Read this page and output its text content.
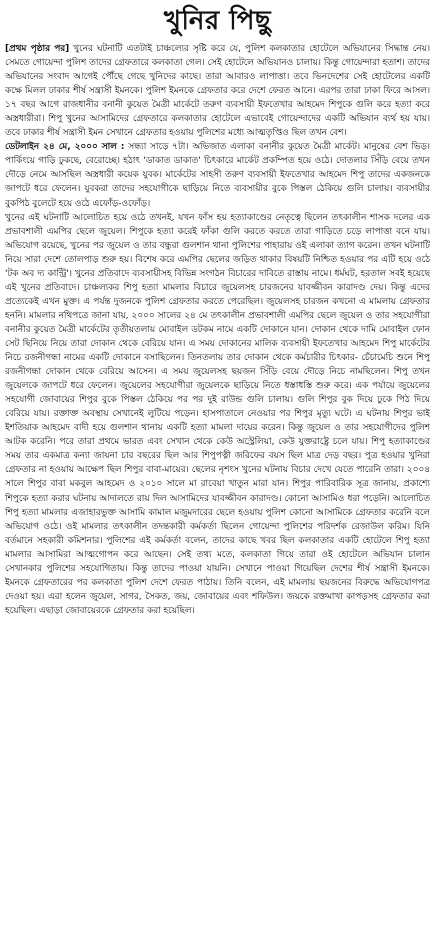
খুনির পিছু

[প্রথম পৃষ্ঠার পর] খুনের ঘটনাটি এতটাই চাঞ্চল্যের সৃষ্টি করে যে, পুলিশ কলকাতার হোটেলে অভিযানের সিদ্ধান্ত নেয়। সেমতে গোয়েন্দা পুলিশ তাদের গ্রেফতারে কলকাতা গেল। সেই হোটেলে অভিযানও চালায়। কিন্তু গোয়েন্দারা হতাশ। তাদের অভিযানের সংবাদ আগেই পৌঁছে গেছে খুনিদের কাছে। তারা আবারও লাপাত্তা। তবে ভিনদেশের সেই হোটেলের একটি কক্ষে মিলল ঢাকার শীর্ষ সন্ত্রাসী ইমনকে। পুলিশ ইমনকে গ্রেফতার করে দেশে ফেরত আনে। এরপর তারা ঢাকা ফিরে আসল। ১৭ বছর আগে রাজধানীর বনানী কুয়েত মৈত্রী মার্কেটে তরুণ ব্যবসায়ী ইফতেখার আহমেদ শিপুকে গুলি করে হত্যা করে অস্ত্রধারীরা। শিপু খুনের আসামিদের গ্রেফতারে কলকাতার হোটেলে এভাবেই গোয়েন্দাদের একটি অভিযান ব্যর্থ হয় যায়। তবে ঢাকার শীর্ষ সন্ত্রাসী ইমন সেখানে গ্রেফতার হওয়ায় পুলিশের মধ্যে আত্মতৃপ্তিও ছিল তখন বেশ।

ডেটলাইন ২৪ মে, ২০০০ সাল : সন্ধ্যা সাড়ে ৭টা। অভিজাত এলাকা বনানীর কুয়েত মৈত্রী মার্কেট। মানুষের বেশ ভিড়। পার্কিংয়ে গাড়ি ঢুকছে, বেরোচ্ছে। হঠাৎ 'ডাকাত ডাকাত' চিৎকারে মার্কেট প্রকম্পিত হয়ে ওঠে। দোতলার সিঁড়ি বেয়ে তখন দৌড়ে নেমে আসছিল অস্ত্রধারী কয়েক যুবক। মার্কেটের সাহসী তরুণ ব্যবসায়ী ইফতেখার আহমেদ শিপু তাদের একজনকে জাপটে ধরে ফেলেন। যুবকরা তাদের সহযোগীকে ছাড়িয়ে নিতে ব্যবসায়ীর বুকে পিস্তল ঠেকিয়ে গুলি চালায়। ব্যবসায়ীর বুকপিঠ বুলেটে হয়ে ওঠে এফোঁড়-ওফোঁড়।

খুনের এই ঘটনাটি আলোচিত হয়ে ওঠে তখনই, যখন ফাঁস হয় হত্যাকাণ্ডের নেতৃত্বে ছিলেন তৎকালীন শাসক দলের এক প্রভাবশালী এমপির ছেলে জুয়েল। শিপুকে হত্যা করেই ফাঁকা গুলি করতে করতে তারা গাড়িতে চড়ে লাপাত্তা বনে যায়। অভিযোগ রয়েছে, খুনের পর জুয়েল ও তার বন্ধুরা গুলশান থানা পুলিশের পাহারায় ওই এলাকা ত্যাগ করেন। তখন ঘটনাটি নিয়ে সারা দেশে তোলপাড় শুরু হয়। বিশেষ করে এমপির ছেলের জড়িত থাকার বিষয়টি নিশ্চিত হওয়ার পর এটি হয়ে ওঠে 'টক অব দ্য কান্ট্রি'। খুনের প্রতিবাদে ব্যবসায়ীসহ বিভিন্ন সংগঠন বিচারের দাবিতে রাস্তায় নামে। ধর্মঘট, হরতাল সবই হয়েছে এই খুনের প্রতিবাদে। চাঞ্চল্যকর শিপু হত্যা মামলার বিচারে জুয়েলসহ চারজনের যাবজ্জীবন কারাদণ্ড দেয়। কিন্তু এদের প্রত্যেকেই এখন মুক্ত। এ পর্যন্ত দুজনকে পুলিশ গ্রেফতার করতে পেরেছিল। জুয়েলসহ চারজন কখনো এ মামলায় গ্রেফতার হননি। মামলার নথিপত্রে জানা যায়, ২০০০ সালের ২৪ মে তৎকালীন প্রভাবশালী এমপির ছেলে জুয়েল ও তার সহযোগীরা বনানীর কুয়েত মৈত্রী মার্কেটের তৃতীয়তলায় মোবাইল ডটকম নামে একটি দোকানে যান। দোকান থেকে দামি মোবাইল ফোন সেট ছিনিয়ে নিয়ে তারা দোকান থেকে বেরিয়ে যান। এ সময় দোকানের মালিক ব্যবসায়ী ইফতেখার আহমেদ শিপু মার্কেটের নিচে রজনীগন্ধা নামের একটি দোকানে বসাছিলেন। তিনতলায় তার দোকান থেকে কর্মচারীর চিৎকার- চেঁচামেচি শুনে শিপু রজনীগন্ধা দোকান থেকে বেরিয়ে আসেন। এ সময় জুয়েলসহ ছয়জন সিঁড়ি বেয়ে দৌড়ে নিচে নামছিলেন। শিপু তখন জুয়েলকে জাপটে ধরে ফেলেন। জুয়েলের সহযোগীরা জুয়েলকে ছাড়িয়ে নিতে ধস্তাধস্তি শুরু করে। এক পর্যায়ে জুয়েলের সহযোগী জোবায়ের শিপুর বুকে পিস্তল ঠেকিয়ে পর পর দুই রাউন্ড গুলি চালায়। গুলি শিপুর বুক দিয়ে ঢুকে পিঠ দিয়ে বেরিয়ে যায়। রক্তাক্ত অবস্থায় সেখানেই লুটিয়ে পড়েন। হাসপাতালে নেওয়ার পর শিপুর মৃত্যু ঘটে। এ ঘটনায় শিপুর ভাই ইশতিয়াক আহমেদ বাদী হয়ে গুলশান থানায় একটি হত্যা মামলা দায়ের করেন। কিন্তু জুয়েল ও তার সহযোগীদের পুলিশ আটক করেনি। পরে তারা প্রথমে ভারত এবং সেখান থেকে কেউ অস্ট্রেলিয়া, কেউ যুক্তরাষ্ট্রে চলে যায়। শিপু হত্যাকাণ্ডের সময় তার একমাত্র কন্যা জায়না চার বছরের ছিল আর শিপুপত্নী জরিফের বয়স ছিল মাত্র দেড় বছর। পুত্র হওয়ার খুনিরা গ্রেফতার না হওয়ায় আক্ষেপ ছিল শিপুর বাবা-মায়ের। ছেলের নৃশংস খুনের ঘটনায় বিচার দেখে যেতে পারেনি তারা। ২০০৪ সালে শিপুর বাবা মকবুল আহমেদ ও ২০১০ সালে মা রাবেয়া খাতুন মারা যান। শিপুর পারিবারিক সূত্র জানায়, প্রকাশ্যে শিপুকে হত্যা করার ঘটনায় আদালতে রায় দিল আসামিদের যাবজ্জীবন কারাদণ্ড। কোনো আসামিও ধরা পড়েনি। আলোচিত শিপু হত্যা মামলার এজাহারভুক্ত আসামি কামাল মজুমদারের ছেলে হওয়ায় পুলিশ কোনো আসামিকে গ্রেফতার করেনি বলে অভিযোগ ওঠে। ওই মামলার তৎকালীন তদন্তকারী কর্মকর্তা ছিলেন গোয়েন্দা পুলিশের পরিদর্শক রেজাউল করিম। যিনি বর্তমানে সহকারী কমিশনার। পুলিশের এই কর্মকর্তা বলেন, তাদের কাছে খবর ছিল কলকাতার একটি হোটেলে শিপু হত্যা মামলার আসামিরা আত্মগোপন করে আছেন। সেই তথ্য মতে, কলকাতা গিয়ে তারা ওই হোটেলে অভিযান চালান সেখানকার পুলিশের সহযোগিতায়। কিন্তু তাদের পাওয়া যায়নি। সেখানে পাওয়া গিয়েছিল দেশের শীর্ষ সন্ত্রাসী ইমনকে। ইমনকে গ্রেফতারের পর কলকাতা পুলিশ দেশে ফেরত পাঠায়। তিনি বলেন, এই মামলায় ছয়জনের বিরুদ্ধে অভিযোগপত্র দেওয়া হয়। এরা হলেন জুয়েল, সাগর, সৈকত, জয়, জোবায়ের এবং শফিউল। জয়কে রক্তমাখা কাপড়সহ গ্রেফতার করা হয়েছিল। এছাড়া জোবায়েরকে গ্রেফতার করা হয়েছিল।
